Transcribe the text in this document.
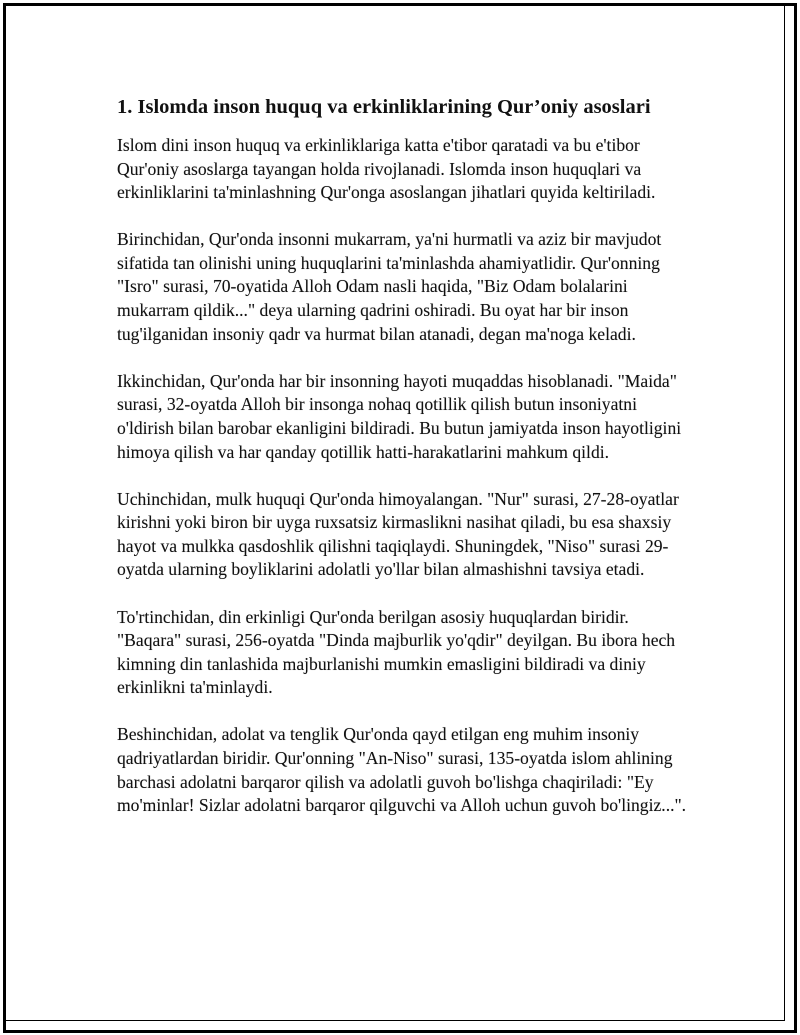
1. Islomda inson huquq va erkinliklarining Qur’oniy asoslari

Islom dini inson huquq va erkinliklariga katta e'tibor qaratadi va bu e'tibor Qur'oniy asoslarga tayangan holda rivojlanadi. Islomda inson huquqlari va erkinliklarini ta'minlashning Qur'onga asoslangan jihatlari quyida keltiriladi.

Birinchidan, Qur'onda insonni mukarram, ya'ni hurmatli va aziz bir mavjudot sifatida tan olinishi uning huquqlarini ta'minlashda ahamiyatlidir. Qur'onning "Isro" surasi, 70-oyatida Alloh Odam nasli haqida, "Biz Odam bolalarini mukarram qildik..." deya ularning qadrini oshiradi. Bu oyat har bir inson tug'ilganidan insoniy qadr va hurmat bilan atanadi, degan ma'noga keladi.

Ikkinchidan, Qur'onda har bir insonning hayoti muqaddas hisoblanadi. "Maida" surasi, 32-oyatda Alloh bir insonga nohaq qotillik qilish butun insoniyatni o'ldirish bilan barobar ekanligini bildiradi. Bu butun jamiyatda inson hayotligini himoya qilish va har qanday qotillik hatti-harakatlarini mahkum qildi.

Uchinchidan, mulk huquqi Qur'onda himoyalangan. "Nur" surasi, 27-28-oyatlar kirishni yoki biron bir uyga ruxsatsiz kirmaslikni nasihat qiladi, bu esa shaxsiy hayot va mulkka qasdoshlik qilishni taqiqlaydi. Shuningdek, "Niso" surasi 29-oyatda ularning boyliklarini adolatli yo'llar bilan almashishni tavsiya etadi.

To'rtinchidan, din erkinligi Qur'onda berilgan asosiy huquqlardan biridir. "Baqara" surasi, 256-oyatda "Dinda majburlik yo'qdir" deyilgan. Bu ibora hech kimning din tanlashida majburlanishi mumkin emasligini bildiradi va diniy erkinlikni ta'minlaydi.

Beshinchidan, adolat va tenglik Qur'onda qayd etilgan eng muhim insoniy qadriyatlardan biridir. Qur'onning "An-Niso" surasi, 135-oyatda islom ahlining barchasi adolatni barqaror qilish va adolatli guvoh bo'lishga chaqiriladi: "Ey mo'minlar! Sizlar adolatni barqaror qilguvchi va Alloh uchun guvoh bo'lingiz...".
